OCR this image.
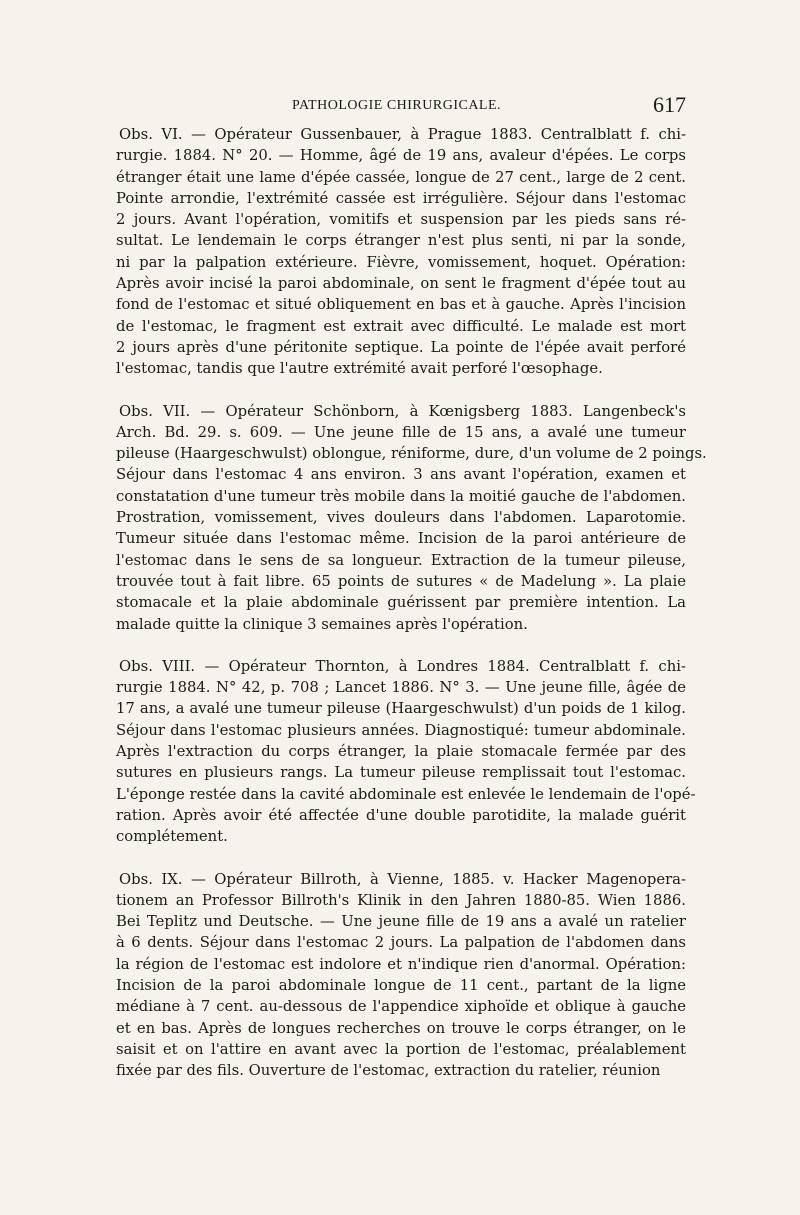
PATHOLOGIE CHIRURGICALE.	617
Obs. VI. — Opérateur Gussenbauer, à Prague 1883. Centralblatt f. chi-
rurgie. 1884. N° 20. — Homme, âgé de 19 ans, avaleur d'épées. Le corps
étranger était une lame d'épée cassée, longue de 27 cent., large de 2 cent.
Pointe arrondie, l'extrémité cassée est irrégulière. Séjour dans l'estomac
2 jours. Avant l'opération, vomitifs et suspension par les pieds sans ré-
sultat. Le lendemain le corps étranger n'est plus senti, ni par la sonde,
ni par la palpation extérieure. Fièvre, vomissement, hoquet. Opération:
Après avoir incisé la paroi abdominale, on sent le fragment d'épée tout au
fond de l'estomac et situé obliquement en bas et à gauche. Après l'incision
de l'estomac, le fragment est extrait avec difficulté. Le malade est mort
2 jours après d'une péritonite septique. La pointe de l'épée avait perforé
l'estomac, tandis que l'autre extrémité avait perforé l'œsophage.
Obs. VII. — Opérateur Schönborn, à Kœnigsberg 1883. Langenbeck's
Arch. Bd. 29. s. 609. — Une jeune fille de 15 ans, a avalé une tumeur
pileuse (Haargeschwulst) oblongue, réniforme, dure, d'un volume de 2 poings.
Séjour dans l'estomac 4 ans environ. 3 ans avant l'opération, examen et
constatation d'une tumeur très mobile dans la moitié gauche de l'abdomen.
Prostration, vomissement, vives douleurs dans l'abdomen. Laparotomie.
Tumeur située dans l'estomac même. Incision de la paroi antérieure de
l'estomac dans le sens de sa longueur. Extraction de la tumeur pileuse,
trouvée tout à fait libre. 65 points de sutures « de Madelung ». La plaie
stomacale et la plaie abdominale guérissent par première intention. La
malade quitte la clinique 3 semaines après l'opération.
Obs. VIII. — Opérateur Thornton, à Londres 1884. Centralblatt f. chi-
rurgie 1884. N° 42, p. 708 ; Lancet 1886. N° 3. — Une jeune fille, âgée de
17 ans, a avalé une tumeur pileuse (Haargeschwulst) d'un poids de 1 kilog.
Séjour dans l'estomac plusieurs années. Diagnostiqué: tumeur abdominale.
Après l'extraction du corps étranger, la plaie stomacale fermée par des
sutures en plusieurs rangs. La tumeur pileuse remplissait tout l'estomac.
L'éponge restée dans la cavité abdominale est enlevée le lendemain de l'opé-
ration. Après avoir été affectée d'une double parotidite, la malade guérit
complétement.
Obs. IX. — Opérateur Billroth, à Vienne, 1885. v. Hacker Magenopera-
tionem an Professor Billroth's Klinik in den Jahren 1880-85. Wien 1886.
Bei Teplitz und Deutsche. — Une jeune fille de 19 ans a avalé un ratelier
à 6 dents. Séjour dans l'estomac 2 jours. La palpation de l'abdomen dans
la région de l'estomac est indolore et n'indique rien d'anormal. Opération:
Incision de la paroi abdominale longue de 11 cent., partant de la ligne
médiane à 7 cent. au-dessous de l'appendice xiphoïde et oblique à gauche
et en bas. Après de longues recherches on trouve le corps étranger, on le
saisit et on l'attire en avant avec la portion de l'estomac, préalablement
fixée par des fils. Ouverture de l'estomac, extraction du ratelier, réunion
